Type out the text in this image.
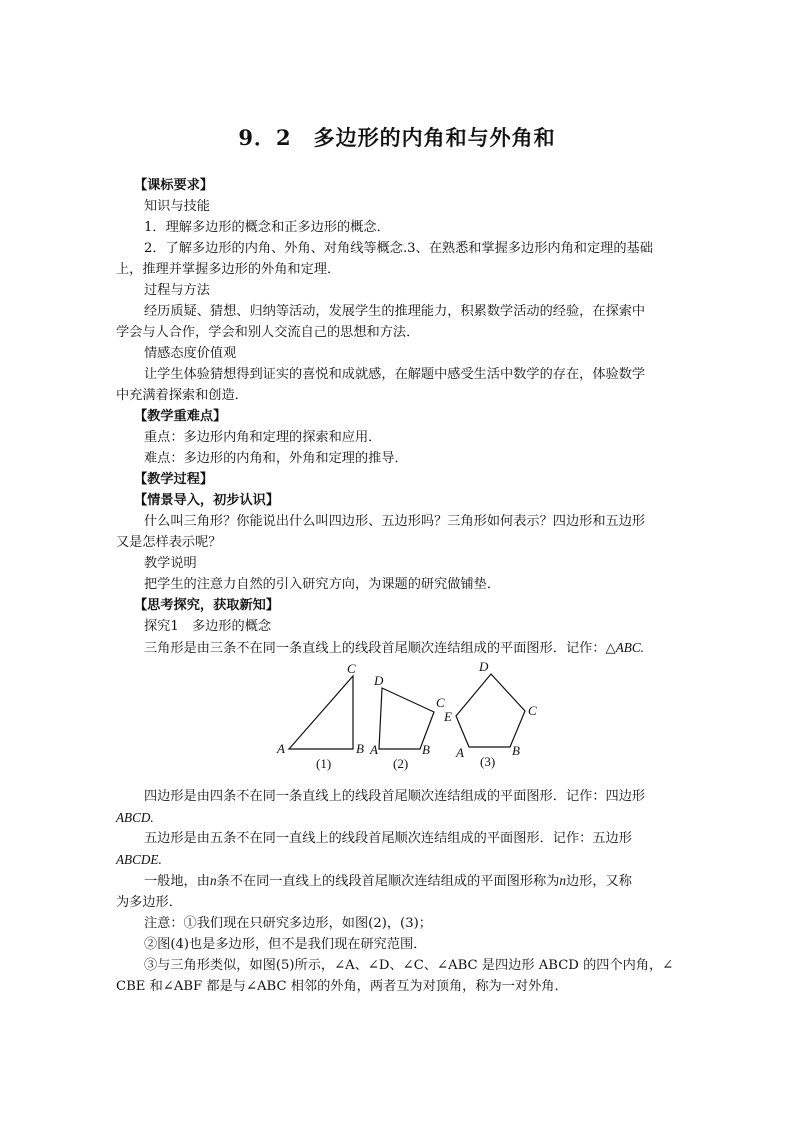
9．2　多边形的内角和与外角和
【课标要求】
知识与技能
1．理解多边形的概念和正多边形的概念．
2．了解多边形的内角、外角、对角线等概念.3、在熟悉和掌握多边形内角和定理的基础
上，推理并掌握多边形的外角和定理．
过程与方法
经历质疑、猜想、归纳等活动，发展学生的推理能力，积累数学活动的经验，在探索中
学会与人合作，学会和别人交流自己的思想和方法．
情感态度价值观
让学生体验猜想得到证实的喜悦和成就感，在解题中感受生活中数学的存在，体验数学
中充满着探索和创造．
【教学重难点】
重点：多边形内角和定理的探索和应用．
难点：多边形的内角和，外角和定理的推导．
【教学过程】
【情景导入，初步认识】
什么叫三角形？你能说出什么叫四边形、五边形吗？三角形如何表示？四边形和五边形
又是怎样表示呢？
教学说明
把学生的注意力自然的引入研究方向，为课题的研究做铺垫．
【思考探究，获取新知】
探究1　多边形的概念
三角形是由三条不在同一条直线上的线段首尾顺次连结组成的平面图形．记作：△ABC.
A	B
C
(1)
A	B
C
D
(2)
A	B
C
D
E
(3)
四边形是由四条不在同一条直线上的线段首尾顺次连结组成的平面图形．记作：四边形
ABCD.
五边形是由五条不在同一直线上的线段首尾顺次连结组成的平面图形．记作：五边形
ABCDE.
一般地，由n条不在同一直线上的线段首尾顺次连结组成的平面图形称为n边形，又称
为多边形．
注意：①我们现在只研究多边形，如图(2)，(3)；
②图(4)也是多边形，但不是我们现在研究范围．
③与三角形类似，如图(5)所示，∠A、∠D、∠C、∠ABC 是四边形 ABCD 的四个内角，∠
CBE 和∠ABF 都是与∠ABC 相邻的外角，两者互为对顶角，称为一对外角．
